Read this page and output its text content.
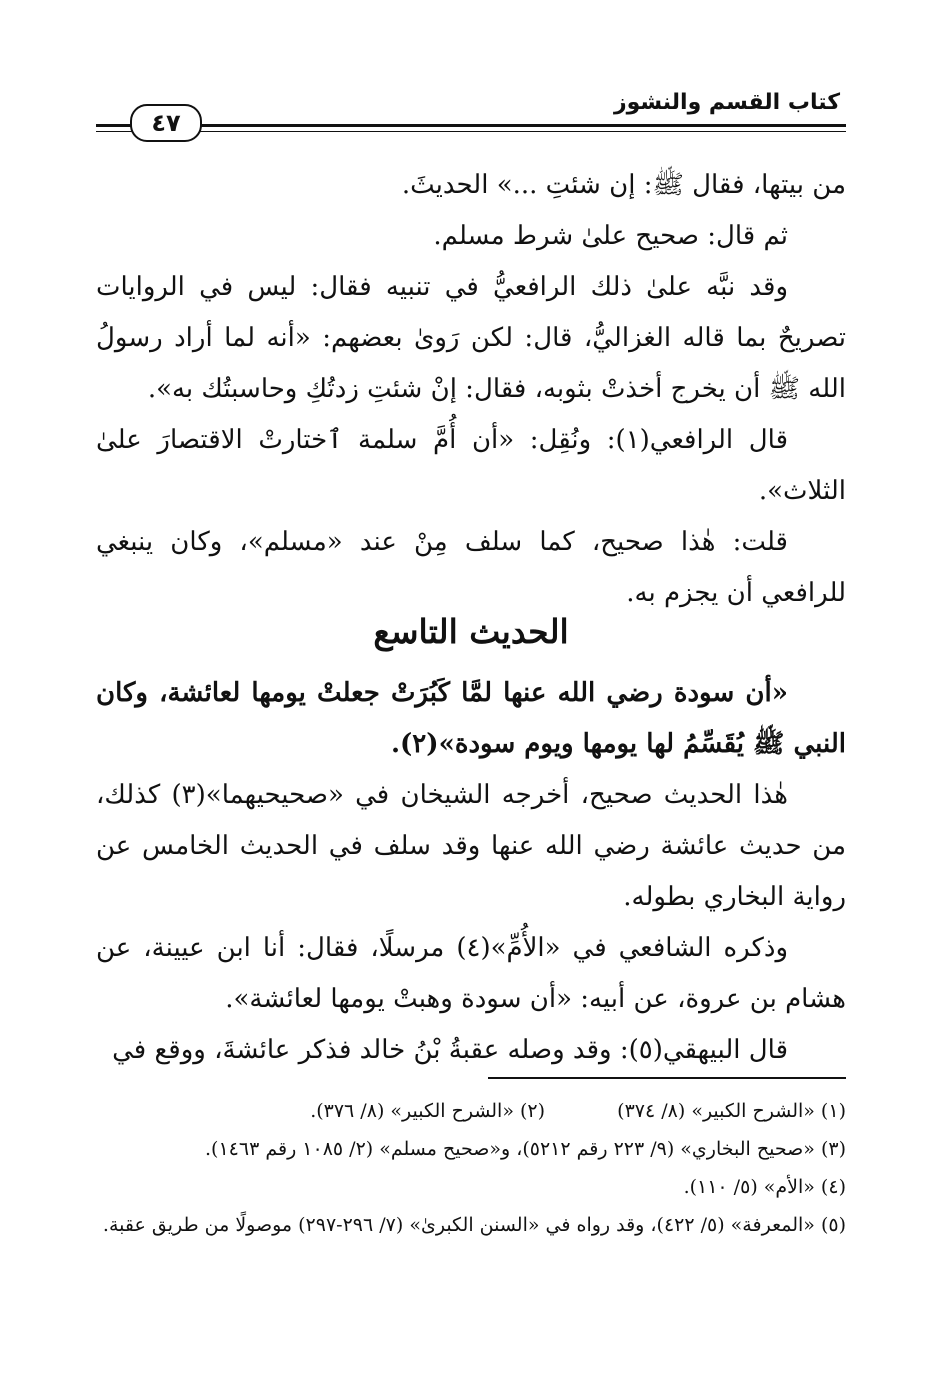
كتاب القسم والنشوز
٤٧

من بيتها، فقال ﷺ: إن شئتِ ...» الحديثَ.

ثم قال: صحيح علىٰ شرط مسلم.

وقد نبَّه علىٰ ذلك الرافعيُّ في تنبيه فقال: ليس في الروايات تصريحٌ بما قاله الغزاليُّ، قال: لكن رَوىٰ بعضهم: «أنه لما أراد رسولُ الله ﷺ أن يخرج أخذتْ بثوبه، فقال: إنْ شئتِ زدتُكِ وحاسبتُك به».

قال الرافعي(١): ونُقِل: «أن أُمَّ سلمة ٱختارتْ الاقتصارَ علىٰ الثلاث».

قلت: هٰذا صحيح، كما سلف مِنْ عند «مسلم»، وكان ينبغي للرافعي أن يجزم به.

الحديث التاسع

«أن سودة رضي الله عنها لمَّا كَبُرَتْ جعلتْ يومها لعائشة، وكان النبي ﷺ يُقَسِّمُ لها يومها ويوم سودة»(٢).

هٰذا الحديث صحيح، أخرجه الشيخان في «صحيحيهما»(٣) كذلك، من حديث عائشة رضي الله عنها وقد سلف في الحديث الخامس عن رواية البخاري بطوله.

وذكره الشافعي في «الأُمِّ»(٤) مرسلًا، فقال: أنا ابن عيينة، عن هشام بن عروة، عن أبيه: «أن سودة وهبتْ يومها لعائشة».

قال البيهقي(٥): وقد وصله عقبةُ بْنُ خالد فذكر عائشةَ، ووقع في

(١) «الشرح الكبير» (٨/ ٣٧٤)  (٢) «الشرح الكبير» (٨/ ٣٧٦).

(٣) «صحيح البخاري» (٩/ ٢٢٣ رقم ٥٢١٢)، و«صحيح مسلم» (٢/ ١٠٨٥ رقم ١٤٦٣).

(٤) «الأم» (٥/ ١١٠).

(٥) «المعرفة» (٥/ ٤٢٢)، وقد رواه في «السنن الكبرىٰ» (٧/ ٢٩٦-٢٩٧) موصولًا من طريق عقبة.
